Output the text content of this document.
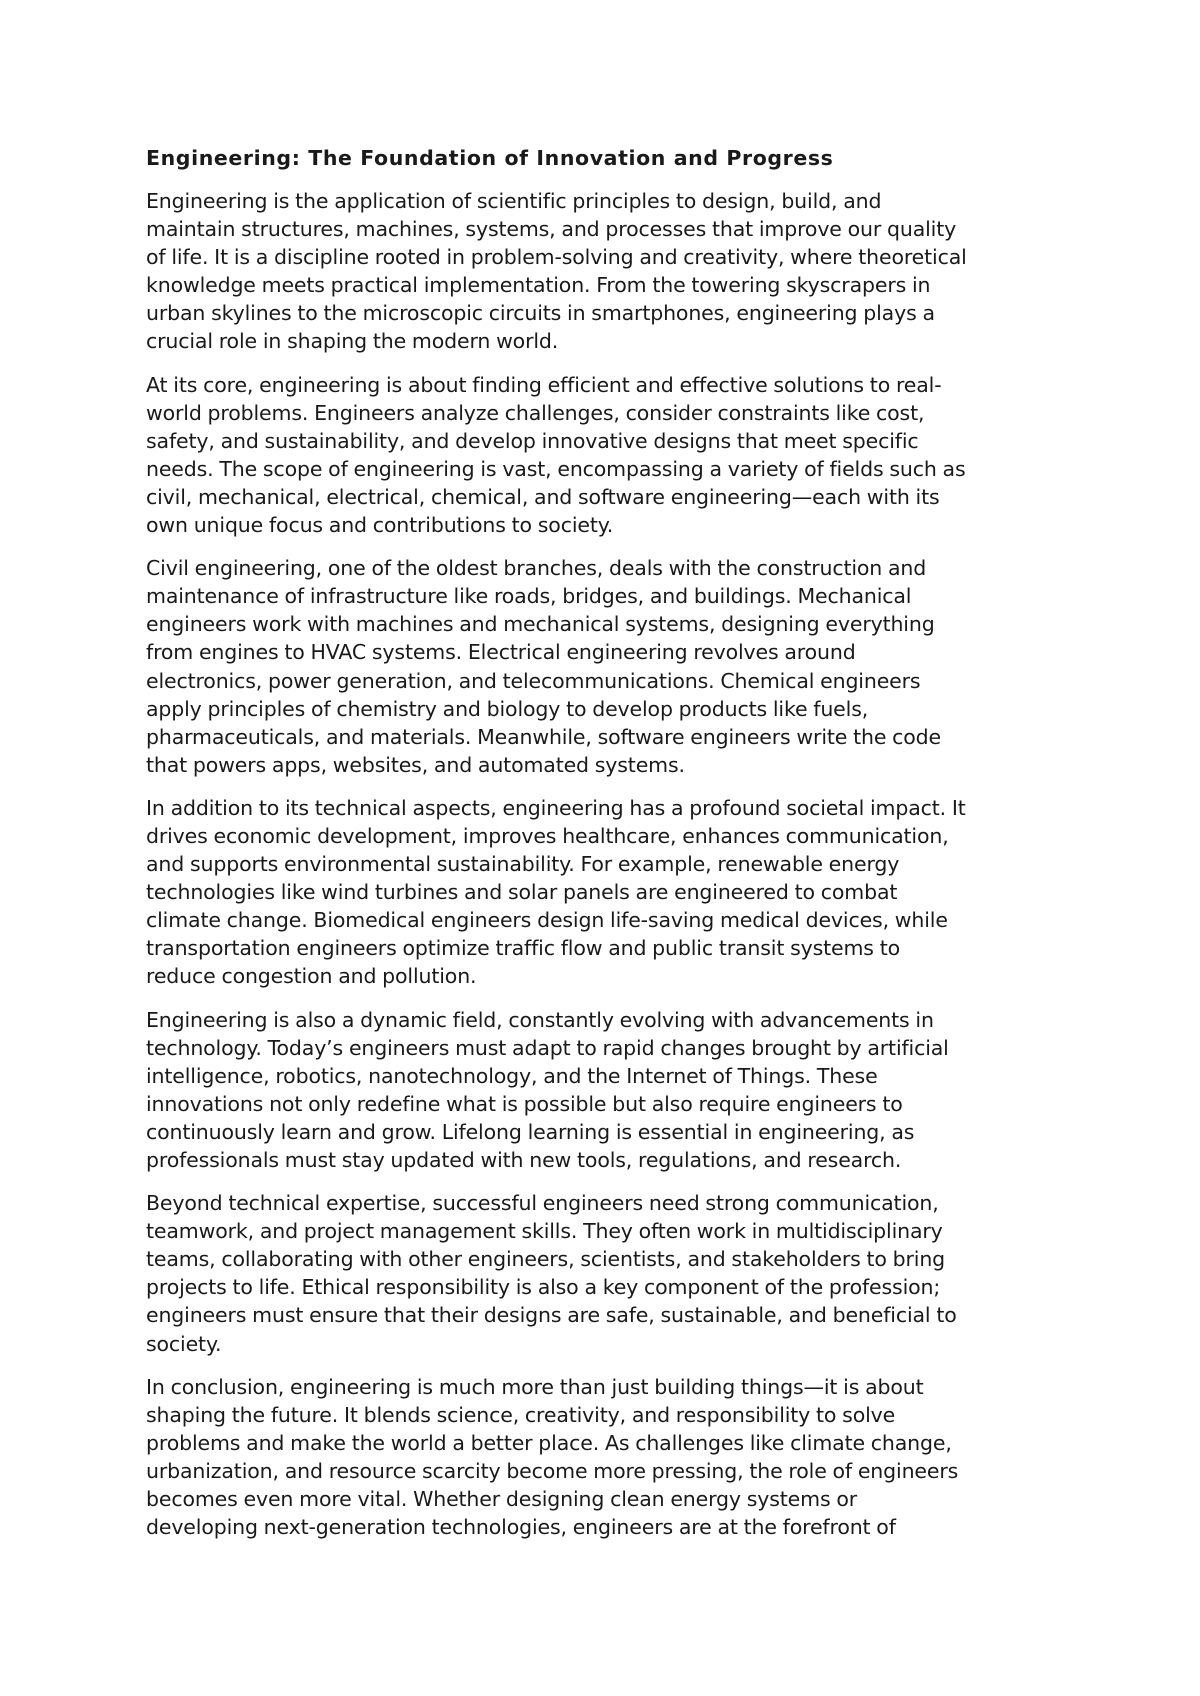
Engineering: The Foundation of Innovation and Progress
Engineering is the application of scientific principles to design, build, and
maintain structures, machines, systems, and processes that improve our quality
of life. It is a discipline rooted in problem-solving and creativity, where theoretical
knowledge meets practical implementation. From the towering skyscrapers in
urban skylines to the microscopic circuits in smartphones, engineering plays a
crucial role in shaping the modern world.
At its core, engineering is about finding efficient and effective solutions to real-
world problems. Engineers analyze challenges, consider constraints like cost,
safety, and sustainability, and develop innovative designs that meet specific
needs. The scope of engineering is vast, encompassing a variety of fields such as
civil, mechanical, electrical, chemical, and software engineering—each with its
own unique focus and contributions to society.
Civil engineering, one of the oldest branches, deals with the construction and
maintenance of infrastructure like roads, bridges, and buildings. Mechanical
engineers work with machines and mechanical systems, designing everything
from engines to HVAC systems. Electrical engineering revolves around
electronics, power generation, and telecommunications. Chemical engineers
apply principles of chemistry and biology to develop products like fuels,
pharmaceuticals, and materials. Meanwhile, software engineers write the code
that powers apps, websites, and automated systems.
In addition to its technical aspects, engineering has a profound societal impact. It
drives economic development, improves healthcare, enhances communication,
and supports environmental sustainability. For example, renewable energy
technologies like wind turbines and solar panels are engineered to combat
climate change. Biomedical engineers design life-saving medical devices, while
transportation engineers optimize traffic flow and public transit systems to
reduce congestion and pollution.
Engineering is also a dynamic field, constantly evolving with advancements in
technology. Today’s engineers must adapt to rapid changes brought by artificial
intelligence, robotics, nanotechnology, and the Internet of Things. These
innovations not only redefine what is possible but also require engineers to
continuously learn and grow. Lifelong learning is essential in engineering, as
professionals must stay updated with new tools, regulations, and research.
Beyond technical expertise, successful engineers need strong communication,
teamwork, and project management skills. They often work in multidisciplinary
teams, collaborating with other engineers, scientists, and stakeholders to bring
projects to life. Ethical responsibility is also a key component of the profession;
engineers must ensure that their designs are safe, sustainable, and beneficial to
society.
In conclusion, engineering is much more than just building things—it is about
shaping the future. It blends science, creativity, and responsibility to solve
problems and make the world a better place. As challenges like climate change,
urbanization, and resource scarcity become more pressing, the role of engineers
becomes even more vital. Whether designing clean energy systems or
developing next-generation technologies, engineers are at the forefront of
